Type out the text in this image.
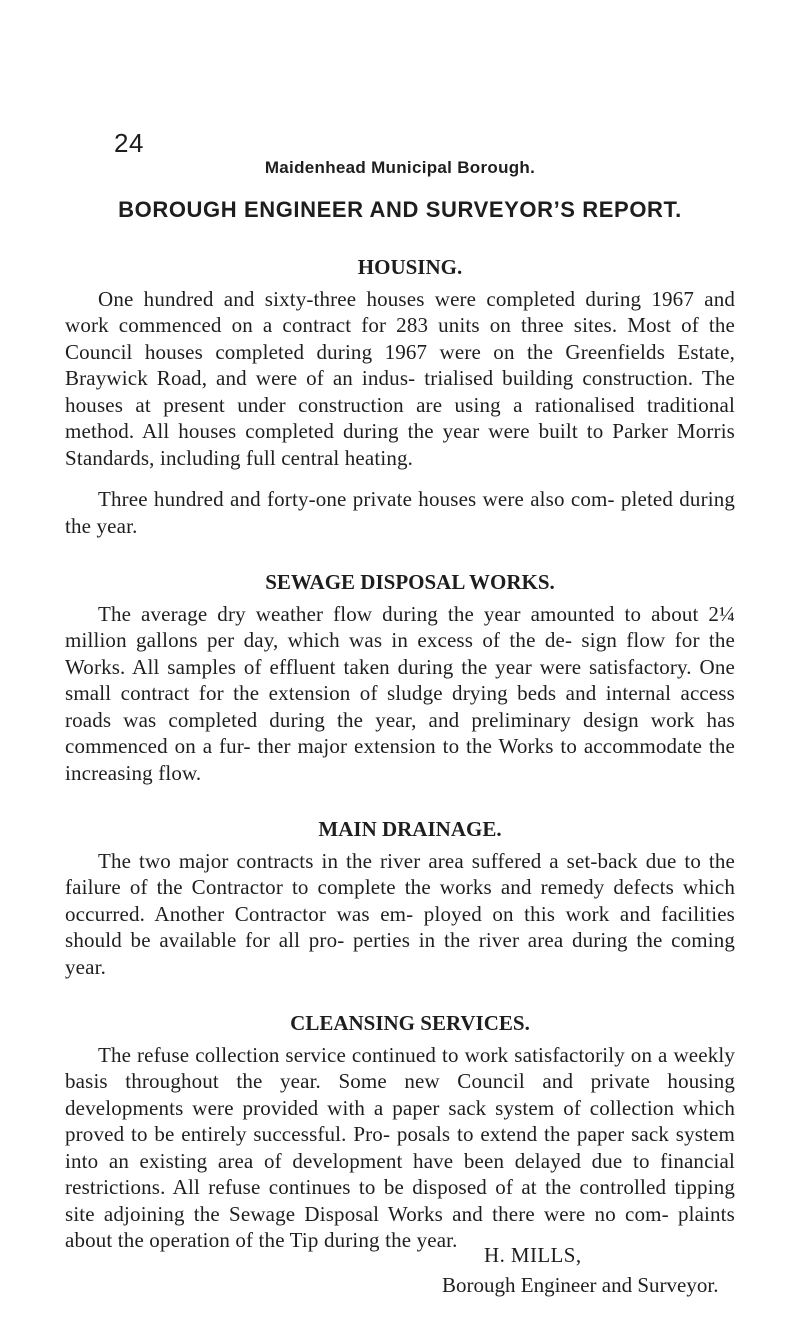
24
Maidenhead Municipal Borough.
BOROUGH ENGINEER AND SURVEYOR’S REPORT.
HOUSING.

One hundred and sixty-three houses were completed during 1967 and work commenced on a contract for 283 units on three sites. Most of the Council houses completed during 1967 were on the Greenfields Estate, Braywick Road, and were of an indus- trialised building construction. The houses at present under construction are using a rationalised traditional method. All houses completed during the year were built to Parker Morris Standards, including full central heating.

Three hundred and forty-one private houses were also com- pleted during the year.

SEWAGE DISPOSAL WORKS.

The average dry weather flow during the year amounted to about 2¼ million gallons per day, which was in excess of the de- sign flow for the Works. All samples of effluent taken during the year were satisfactory. One small contract for the extension of sludge drying beds and internal access roads was completed during the year, and preliminary design work has commenced on a fur- ther major extension to the Works to accommodate the increasing flow.

MAIN DRAINAGE.

The two major contracts in the river area suffered a set-back due to the failure of the Contractor to complete the works and remedy defects which occurred. Another Contractor was em- ployed on this work and facilities should be available for all pro- perties in the river area during the coming year.

CLEANSING SERVICES.

The refuse collection service continued to work satisfactorily on a weekly basis throughout the year. Some new Council and private housing developments were provided with a paper sack system of collection which proved to be entirely successful. Pro- posals to extend the paper sack system into an existing area of development have been delayed due to financial restrictions. All refuse continues to be disposed of at the controlled tipping site adjoining the Sewage Disposal Works and there were no com- plaints about the operation of the Tip during the year.

H. MILLS,
Borough Engineer and Surveyor.
